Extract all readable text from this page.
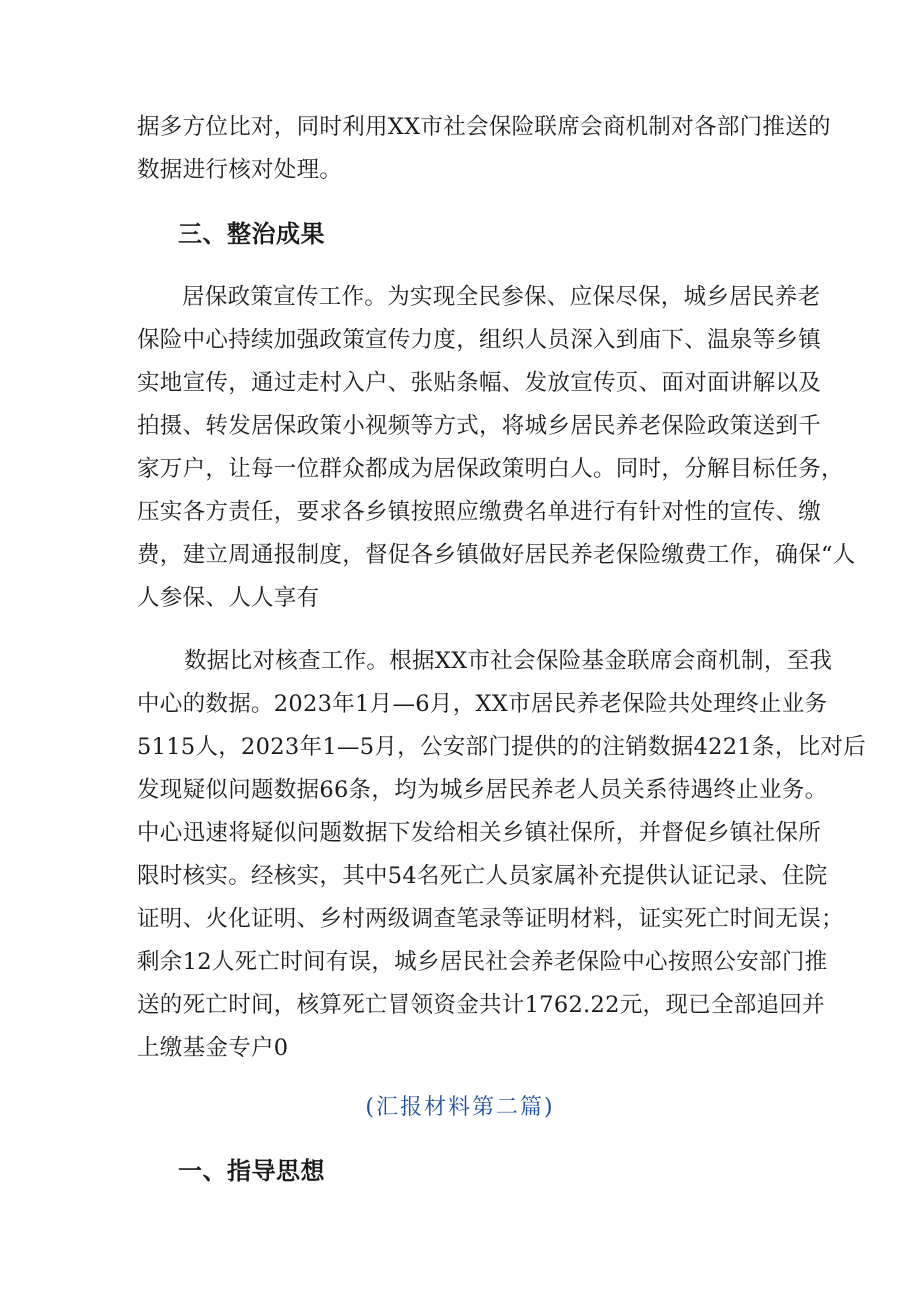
据多方位比对，同时利用XX市社会保险联席会商机制对各部门推送的
数据进行核对处理。
三、整治成果
居保政策宣传工作。为实现全民参保、应保尽保，城乡居民养老
保险中心持续加强政策宣传力度，组织人员深入到庙下、温泉等乡镇
实地宣传，通过走村入户、张贴条幅、发放宣传页、面对面讲解以及
拍摄、转发居保政策小视频等方式，将城乡居民养老保险政策送到千
家万户，让每一位群众都成为居保政策明白人。同时，分解目标任务，
压实各方责任，要求各乡镇按照应缴费名单进行有针对性的宣传、缴
费，建立周通报制度，督促各乡镇做好居民养老保险缴费工作，确保“人
人参保、人人享有
数据比对核查工作。根据XX市社会保险基金联席会商机制，至我
中心的数据。2023年1月—6月，XX市居民养老保险共处理终止业务
5115人，2023年1—5月，公安部门提供的的注销数据4221条，比对后
发现疑似问题数据66条，均为城乡居民养老人员关系待遇终止业务。
中心迅速将疑似问题数据下发给相关乡镇社保所，并督促乡镇社保所
限时核实。经核实，其中54名死亡人员家属补充提供认证记录、住院
证明、火化证明、乡村两级调查笔录等证明材料，证实死亡时间无误；
剩余12人死亡时间有误，城乡居民社会养老保险中心按照公安部门推
送的死亡时间，核算死亡冒领资金共计1762.22元，现已全部追回并
上缴基金专户0
(汇报材料第二篇)
一、指导思想
